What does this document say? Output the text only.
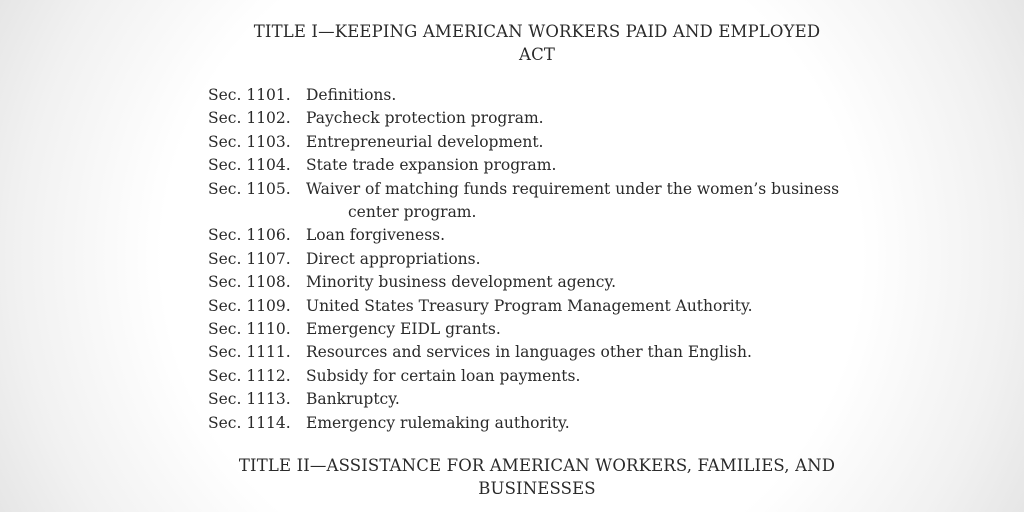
TITLE I—KEEPING AMERICAN WORKERS PAID AND EMPLOYED
ACT
Sec. 1101. Definitions.
Sec. 1102. Paycheck protection program.
Sec. 1103. Entrepreneurial development.
Sec. 1104. State trade expansion program.
Sec. 1105. Waiver of matching funds requirement under the women’s business
center program.
Sec. 1106. Loan forgiveness.
Sec. 1107. Direct appropriations.
Sec. 1108. Minority business development agency.
Sec. 1109. United States Treasury Program Management Authority.
Sec. 1110. Emergency EIDL grants.
Sec. 1111. Resources and services in languages other than English.
Sec. 1112. Subsidy for certain loan payments.
Sec. 1113. Bankruptcy.
Sec. 1114. Emergency rulemaking authority.
TITLE II—ASSISTANCE FOR AMERICAN WORKERS, FAMILIES, AND
BUSINESSES
